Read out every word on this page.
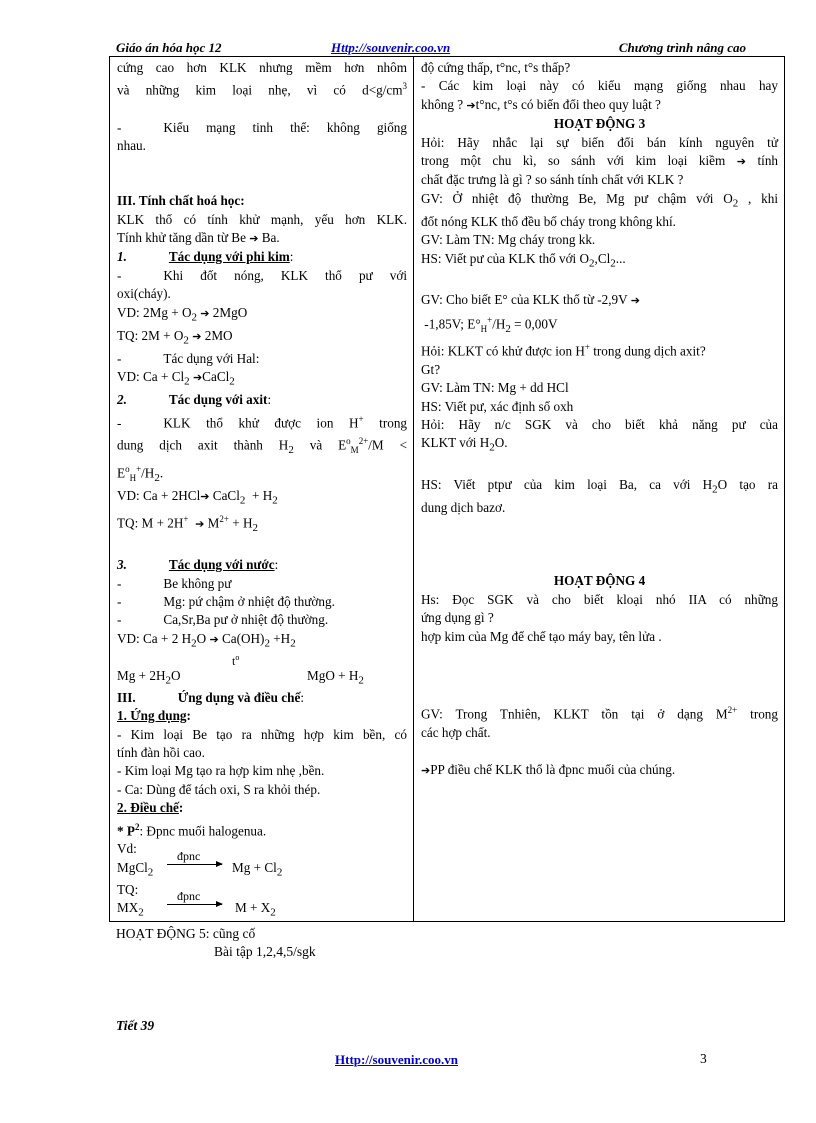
Giáo án hóa học 12	Http://souvenir.coo.vn	Chương trình nâng cao
cứng cao hơn KLK nhưng mềm hơn nhôm
và những kim loại nhẹ, vì có $d<g/cm^3$
-	Kiểu mạng tinh thể: không giống
nhau.
III. Tính chất hoá học:
KLK thổ có tính khử mạnh, yếu hơn KLK.
Tính khử tăng dần từ Be ➔ Ba.
1.	Tác dụng với phi kim:
-	Khi đốt nóng, KLK thổ pư với
oxi(cháy).
VD: $2Mg + O_2$ ➔ 2MgO
TQ: $2M + O_2$ ➔ 2MO
-	Tác dụng với Hal:
VD: $Ca + Cl_2$ ➔CaCl$_2$
2.	Tác dụng với axit:
-	KLK thổ khử được ion H+ trong
dung dịch axit thành $H_2$ và $E^o_M^{2+}/M$ <
$E^o_H^+/H_2$.
VD: Ca + 2HCl➔ CaCl$_2$ + $H_2$
TQ: M + 2H+ ➔ $M^{2+} + H_2$
3.	Tác dụng với nước:
-	Be không pư
-	Mg: pứ chậm ở nhiệt độ thường.
-	Ca,Sr,Ba pư ở nhiệt độ thường.
VD: Ca + 2 $H_2O$ ➔ $Ca(OH)_2 +H_2$
$t^o$
$Mg + 2H_2O$	MgO + $H_2$
III.	Ứng dụng và điều chế:
1. Ứng dụng:
- Kim loại Be tạo ra những hợp kim bền, có
tính đàn hồi cao.
- Kim loại Mg tạo ra hợp kim nhẹ ,bền.
- Ca: Dùng để tách oxi, S ra khỏi thép.
2. Điều chế:
* $P^2$: Đpnc muối halogenua.
Vd:
MgCl$_2$
đpnc
$Mg + Cl_2$
TQ:
$MX_2$
đpnc
$M + X_2$

độ cứng thấp, t°nc, t°s thấp?
- Các kim loại này có kiểu mạng giống nhau hay
không ? ➔t°nc, t°s có biến đổi theo quy luật ?
HOẠT ĐỘNG 3
Hỏi: Hãy nhắc lại sự biến đổi bán kính nguyên tử
trong một chu kì, so sánh với kim loại kiềm ➔ tính
chất đặc trưng là gì ? so sánh tính chất với KLK ?
GV: Ở nhiệt độ thường Be, Mg pư chậm với $O_2$ , khi
đốt nóng KLK thổ đều bố cháy trong không khí.
GV: Làm TN: Mg cháy trong kk.
HS: Viết pư của KLK thổ với $O_2,Cl_2$...
GV: Cho biết E° của KLK thổ từ -2,9V ➔
-1,85V; $E^\circ_H^+/H_2 = 0,00V$
Hỏi: KLKT có khử được ion H+ trong dung dịch axit?
Gt?
GV: Làm TN: Mg + dd HCl
HS: Viết pư, xác định số oxh
Hỏi: Hãy n/c SGK và cho biết khả năng pư của
KLKT với $H_2O$.
HS: Viết ptpư của kim loại Ba, ca với $H_2O$ tạo ra
dung dịch bazơ.
HOẠT ĐỘNG 4
Hs: Đọc SGK và cho biết kloại nhó IIA có những
ứng dụng gì ?
hợp kim của Mg để chế tạo máy bay, tên lửa .
GV: Trong Tnhiên, KLKT tồn tại ở dạng $M^{2+}$ trong
các hợp chất.
➔PP điều chế KLK thổ là đpnc muối của chúng.
HOẠT ĐỘNG 5: cũng cố
Bài tập 1,2,4,5/sgk
Tiết 39
Http://souvenir.coo.vn	3
